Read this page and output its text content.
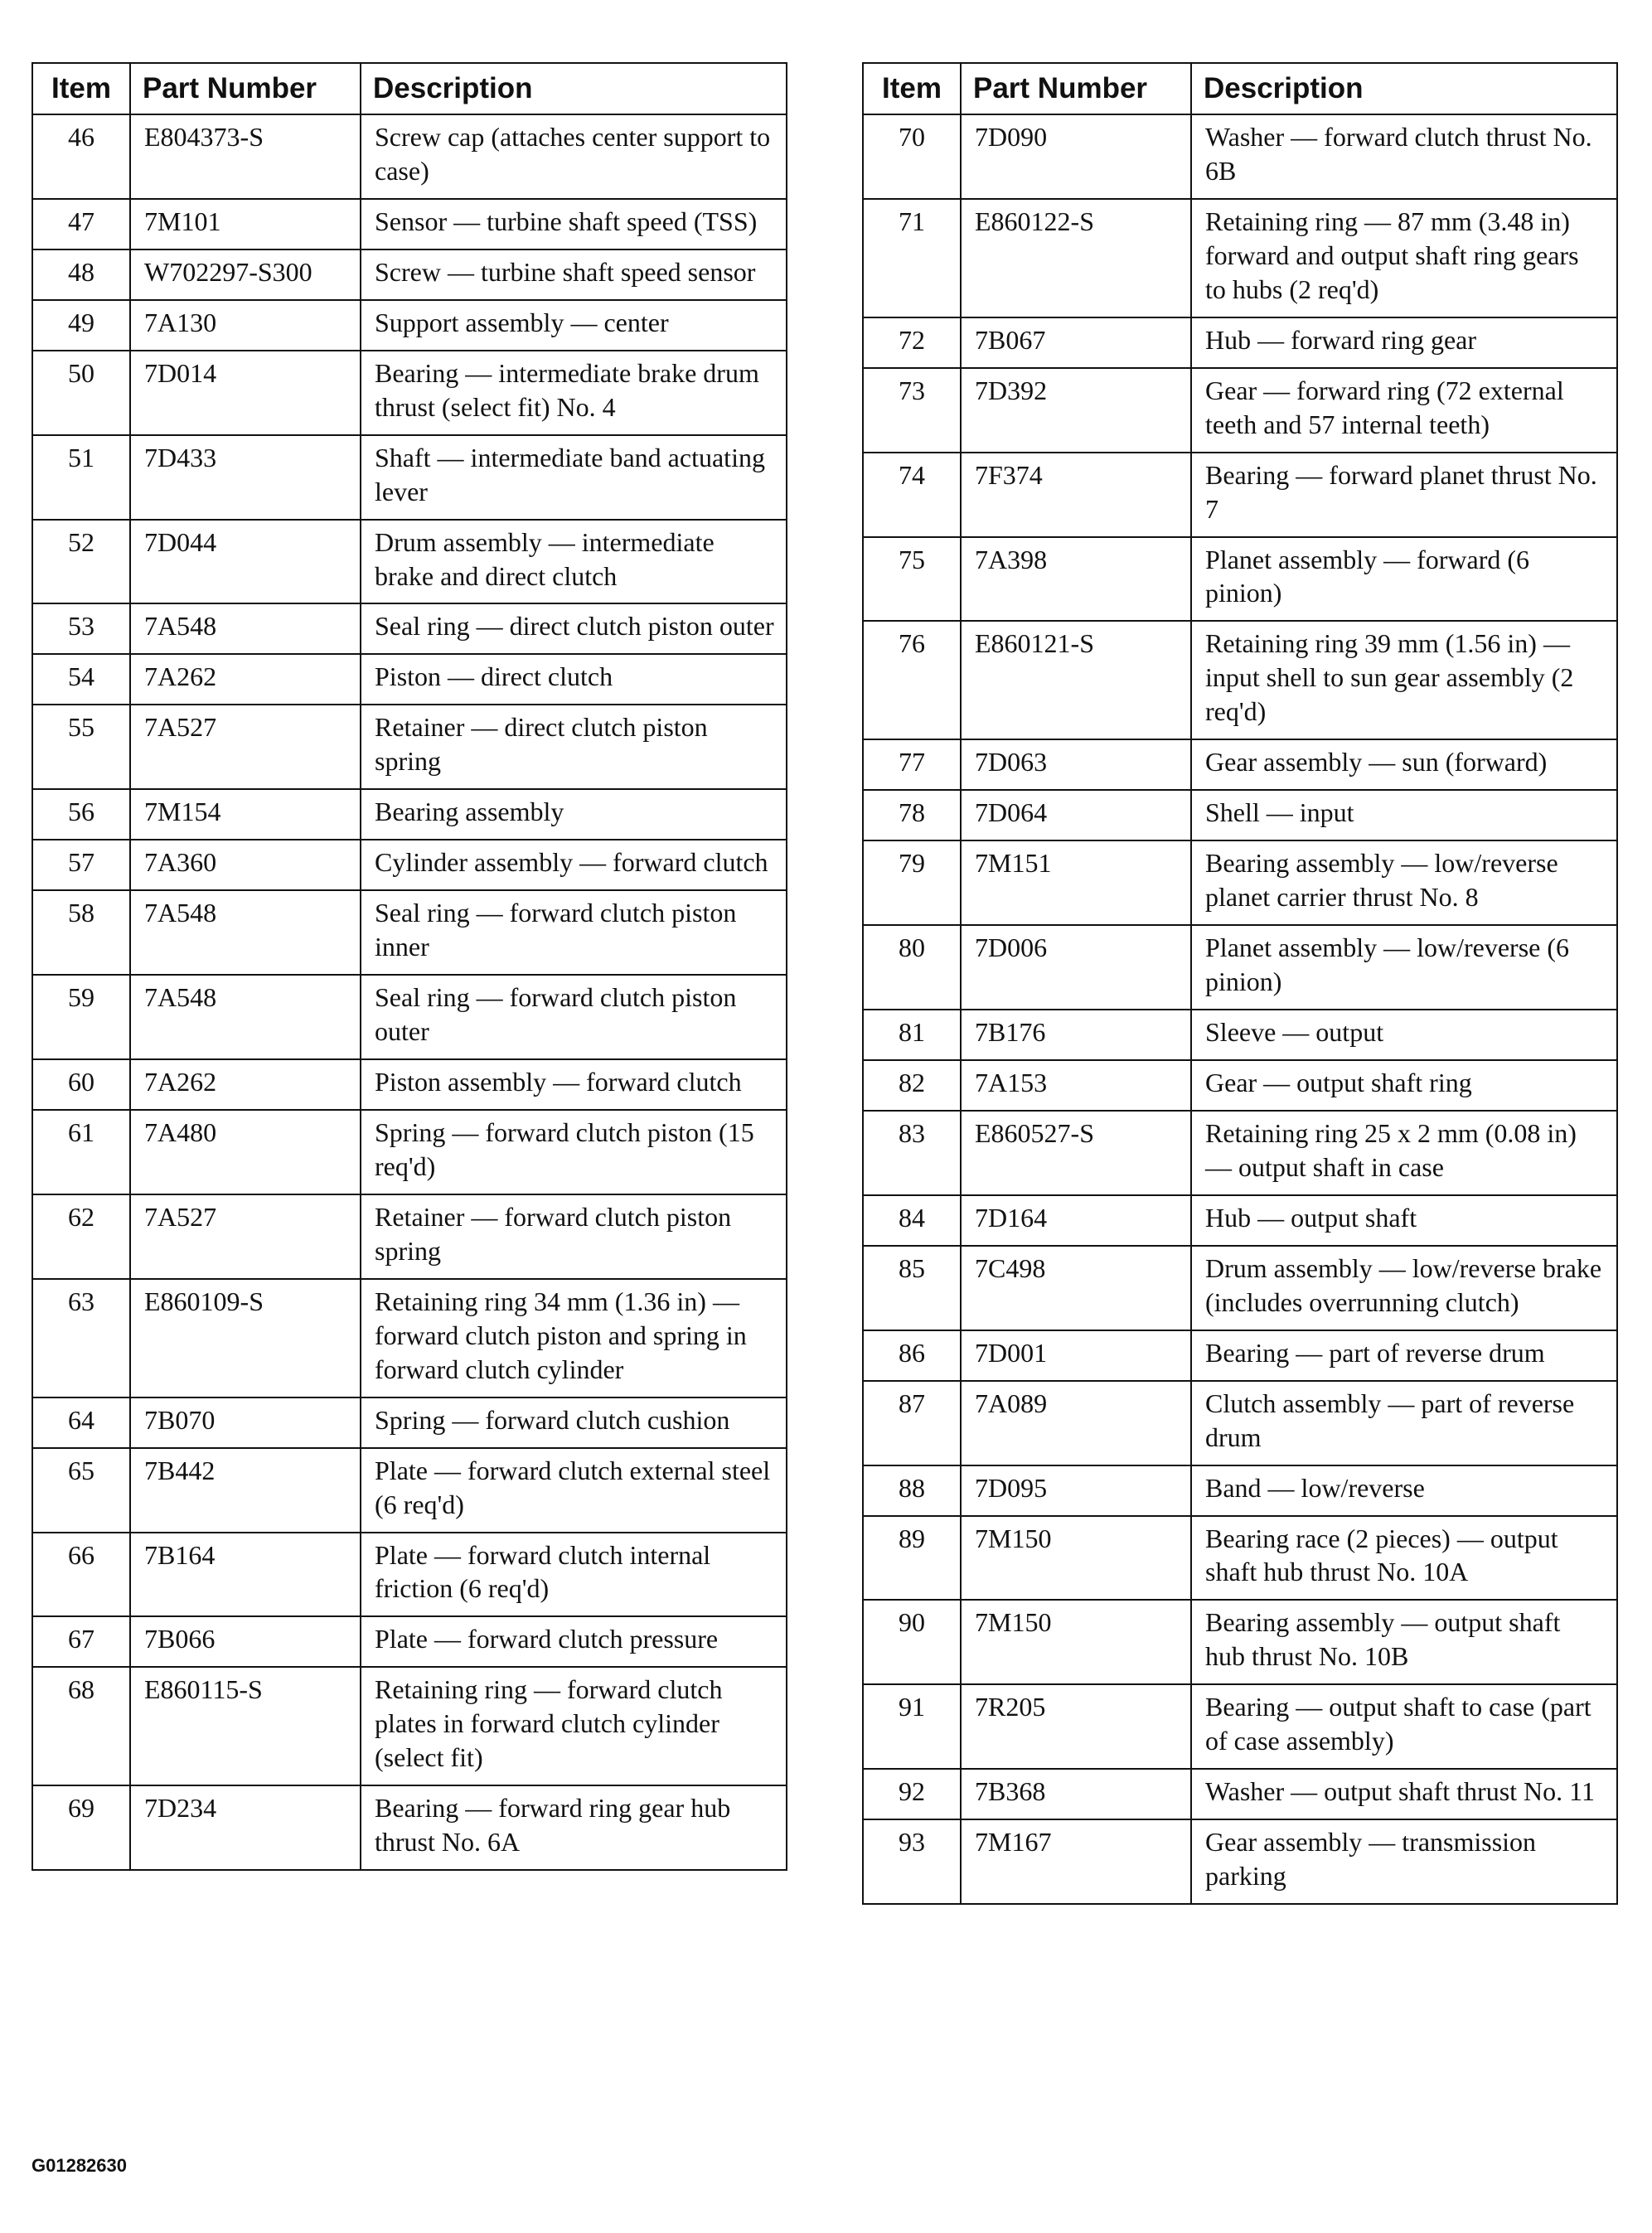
Item	Part Number	Description
46	E804373-S	Screw cap (attaches center support to case)
47	7M101	Sensor — turbine shaft speed (TSS)
48	W702297-S300	Screw — turbine shaft speed sensor
49	7A130	Support assembly — center
50	7D014	Bearing — intermediate brake drum thrust (select fit) No. 4
51	7D433	Shaft — intermediate band actuating lever
52	7D044	Drum assembly — intermediate brake and direct clutch
53	7A548	Seal ring — direct clutch piston outer
54	7A262	Piston — direct clutch
55	7A527	Retainer — direct clutch piston spring
56	7M154	Bearing assembly
57	7A360	Cylinder assembly — forward clutch
58	7A548	Seal ring — forward clutch piston inner
59	7A548	Seal ring — forward clutch piston outer
60	7A262	Piston assembly — forward clutch
61	7A480	Spring — forward clutch piston (15 req'd)
62	7A527	Retainer — forward clutch piston spring
63	E860109-S	Retaining ring 34 mm (1.36 in) — forward clutch piston and spring in forward clutch cylinder
64	7B070	Spring — forward clutch cushion
65	7B442	Plate — forward clutch external steel (6 req'd)
66	7B164	Plate — forward clutch internal friction (6 req'd)
67	7B066	Plate — forward clutch pressure
68	E860115-S	Retaining ring — forward clutch plates in forward clutch cylinder (select fit)
69	7D234	Bearing — forward ring gear hub thrust No. 6A
Item	Part Number	Description
70	7D090	Washer — forward clutch thrust No. 6B
71	E860122-S	Retaining ring — 87 mm (3.48 in) forward and output shaft ring gears to hubs (2 req'd)
72	7B067	Hub — forward ring gear
73	7D392	Gear — forward ring (72 external teeth and 57 internal teeth)
74	7F374	Bearing — forward planet thrust No. 7
75	7A398	Planet assembly — forward (6 pinion)
76	E860121-S	Retaining ring 39 mm (1.56 in) — input shell to sun gear assembly (2 req'd)
77	7D063	Gear assembly — sun (forward)
78	7D064	Shell — input
79	7M151	Bearing assembly — low/reverse planet carrier thrust No. 8
80	7D006	Planet assembly — low/reverse (6 pinion)
81	7B176	Sleeve — output
82	7A153	Gear — output shaft ring
83	E860527-S	Retaining ring 25 x 2 mm (0.08 in) — output shaft in case
84	7D164	Hub — output shaft
85	7C498	Drum assembly — low/reverse brake (includes overrunning clutch)
86	7D001	Bearing — part of reverse drum
87	7A089	Clutch assembly — part of reverse drum
88	7D095	Band — low/reverse
89	7M150	Bearing race (2 pieces) — output shaft hub thrust No. 10A
90	7M150	Bearing assembly — output shaft hub thrust No. 10B
91	7R205	Bearing — output shaft to case (part of case assembly)
92	7B368	Washer — output shaft thrust No. 11
93	7M167	Gear assembly — transmission parking
G01282630
